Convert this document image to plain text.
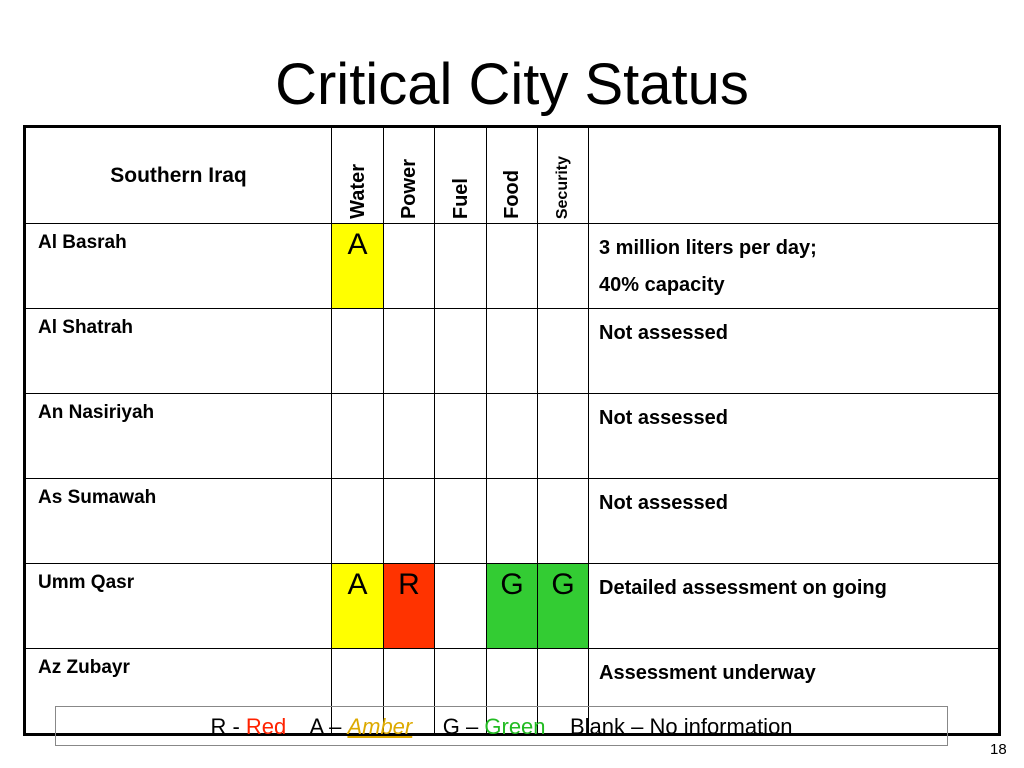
Critical City Status
Southern Iraq	Water	Power	Fuel	Food	Security	

Al Basrah	A					3 million liters per day;
40% capacity

Al Shatrah						Not assessed

An Nasiriyah						Not assessed

As Sumawah						Not assessed

Umm Qasr	A	R		G	G	Detailed assessment on going

Az Zubayr						Assessment underway
R - Red A – Amber G – Green Blank – No information
18
